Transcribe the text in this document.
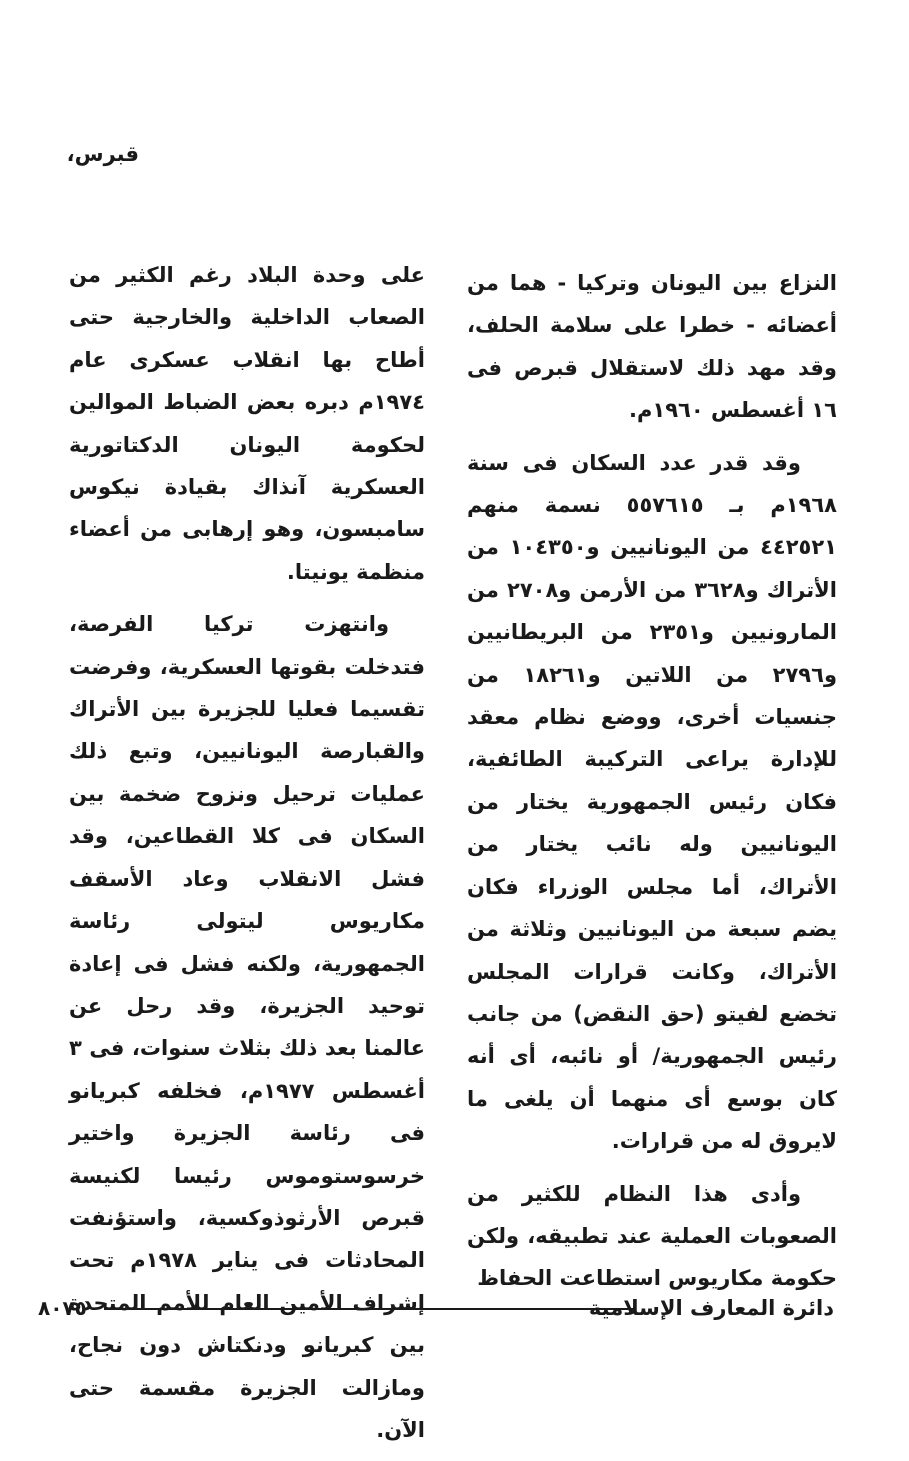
قبرس،

النزاع بين اليونان وتركيا - هما من أعضائه - خطرا على سلامة الحلف، وقد مهد ذلك لاستقلال قبرص فى ١٦ أغسطس ١٩٦٠م.

وقد قدر عدد السكان فى سنة ١٩٦٨م بـ ٥٥٧٦١٥ نسمة منهم ٤٤٢٥٢١ من اليونانيين و١٠٤٣٥٠ من الأتراك و٣٦٢٨ من الأرمن و٢٧٠٨ من المارونيين و٢٣٥١ من البريطانيين و٢٧٩٦ من اللاتين و١٨٢٦١ من جنسيات أخرى، ووضع نظام معقد للإدارة يراعى التركيبة الطائفية، فكان رئيس الجمهورية يختار من اليونانيين وله نائب يختار من الأتراك، أما مجلس الوزراء فكان يضم سبعة من اليونانيين وثلاثة من الأتراك، وكانت قرارات المجلس تخضع لفيتو (حق النقض) من جانب رئيس الجمهورية/ أو نائبه، أى أنه كان بوسع أى منهما أن يلغى ما لايروق له من قرارات.

وأدى هذا النظام للكثير من الصعوبات العملية عند تطبيقه، ولكن حكومة مكاريوس استطاعت الحفاظ

على وحدة البلاد رغم الكثير من الصعاب الداخلية والخارجية حتى أطاح بها انقلاب عسكرى عام ١٩٧٤م دبره بعض الضباط الموالين لحكومة اليونان الدكتاتورية العسكرية آنذاك بقيادة نيكوس سامبسون، وهو إرهابى من أعضاء منظمة يونيتا.

وانتهزت تركيا الفرصة، فتدخلت بقوتها العسكرية، وفرضت تقسيما فعليا للجزيرة بين الأتراك والقبارصة اليونانيين، وتبع ذلك عمليات ترحيل ونزوح ضخمة بين السكان فى كلا القطاعين، وقد فشل الانقلاب وعاد الأسقف مكاريوس ليتولى رئاسة الجمهورية، ولكنه فشل فى إعادة توحيد الجزيرة، وقد رحل عن عالمنا بعد ذلك بثلاث سنوات، فى ٣ أغسطس ١٩٧٧م، فخلفه كبريانو فى رئاسة الجزيرة واختير خرسوستوموس رئيسا لكنيسة قبرص الأرثوذوكسية، واستؤنفت المحادثات فى يناير ١٩٧٨م تحت إشراف الأمين العام للأمم المتحدة بين كبريانو ودنكتاش دون نجاح، ومازالت الجزيرة مقسمة حتى الآن.

٨٠٧٥	دائرة المعارف الإسلامية
